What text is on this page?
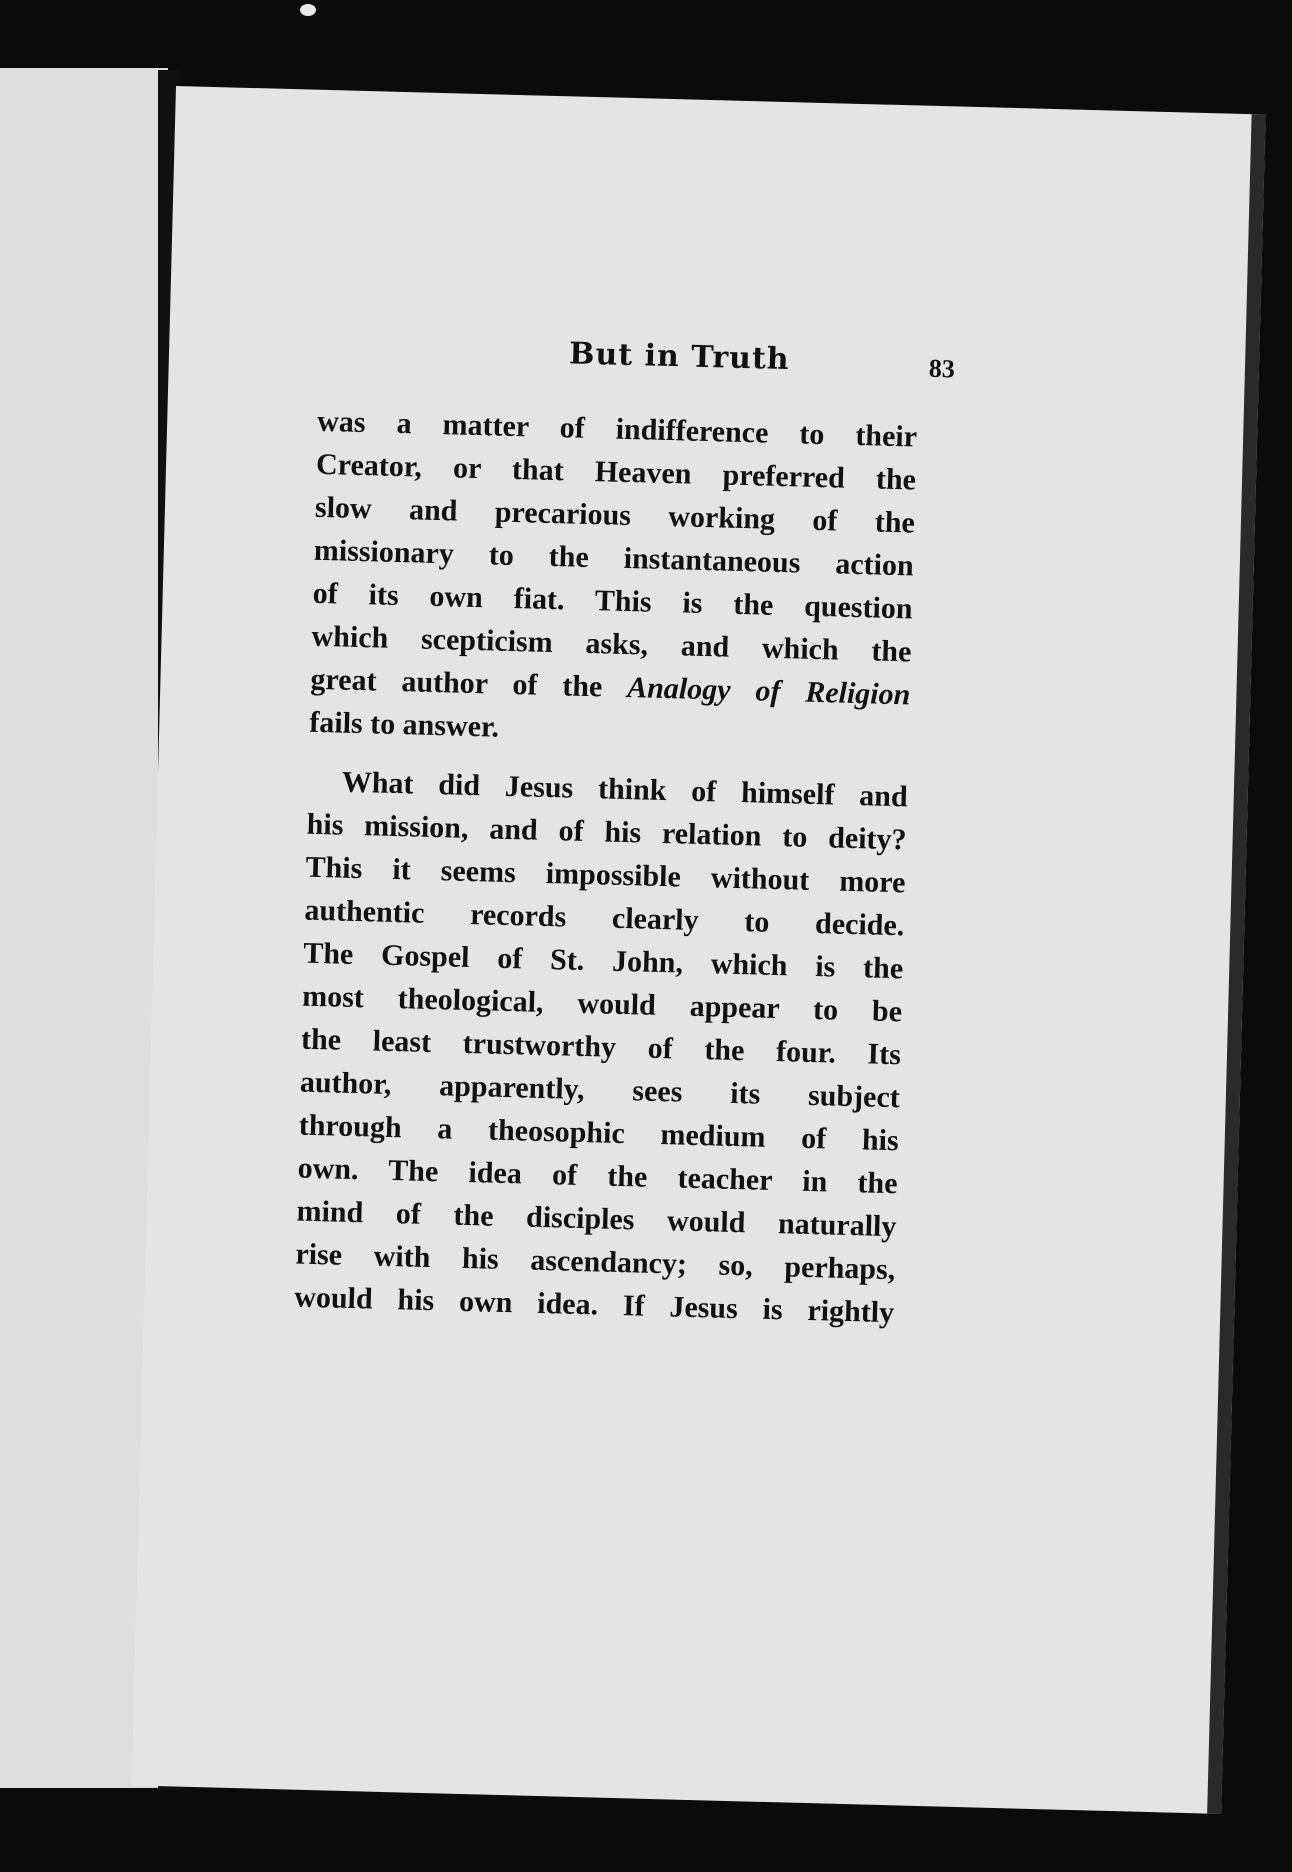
But in Truth	83
was a matter of indifference to their
Creator, or that Heaven preferred the
slow and precarious working of the
missionary to the instantaneous action
of its own fiat. This is the question
which scepticism asks, and which the
great author of the Analogy of Religion
fails to answer.
What did Jesus think of himself and
his mission, and of his relation to deity?
This it seems impossible without more
authentic records clearly to decide.
The Gospel of St. John, which is the
most theological, would appear to be
the least trustworthy of the four. Its
author, apparently, sees its subject
through a theosophic medium of his
own. The idea of the teacher in the
mind of the disciples would naturally
rise with his ascendancy; so, perhaps,
would his own idea. If Jesus is rightly
